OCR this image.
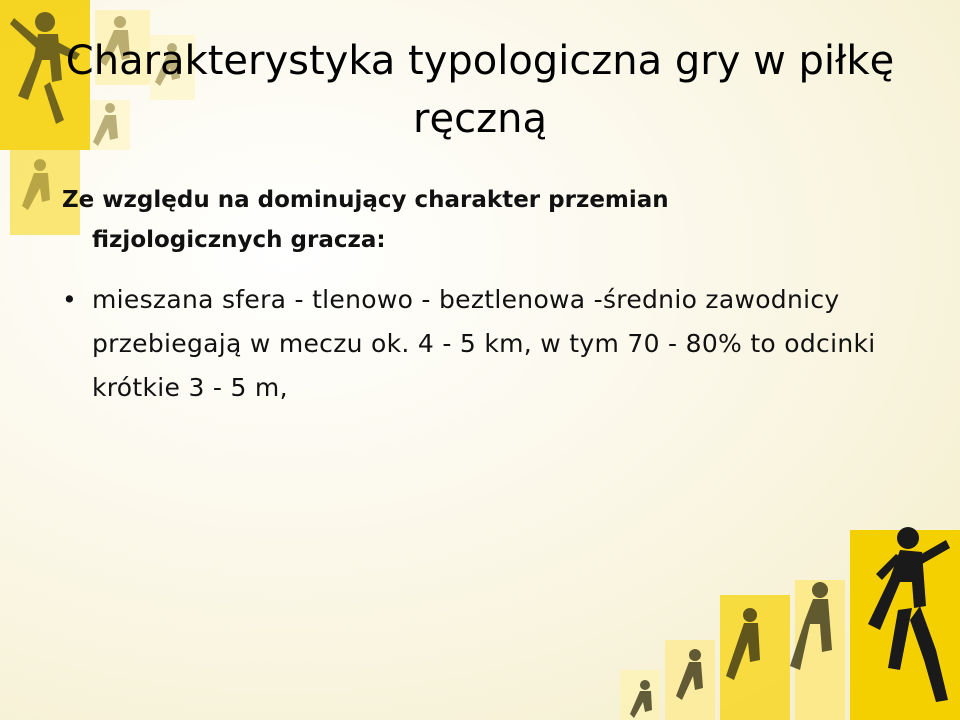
Charakterystyka typologiczna gry w piłkę ręczną
Ze względu na dominujący charakter przemian
fizjologicznych gracza:
• mieszana sfera - tlenowo - beztlenowa -średnio zawodnicy przebiegają w meczu ok. 4 - 5 km, w tym 70 - 80% to odcinki krótkie 3 - 5 m,
